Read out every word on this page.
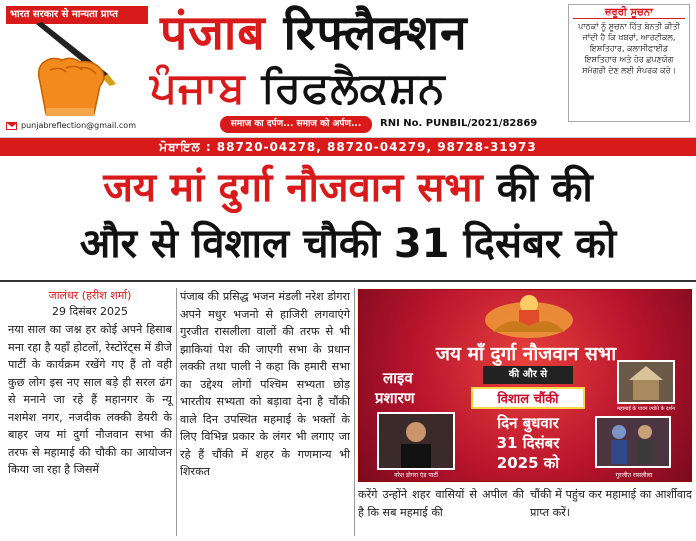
भारत सरकार से मान्यता प्राप्त
punjabreflection@gmail.com
पंजाब रिफ्लैक्शन
ਪੰਜਾਬ ਰਿਫਲੈਕਸ਼ਨ
समाज का दर्पण... समाज को अर्पण...	RNI No. PUNBIL/2021/82869
ਜ਼ਰੂਰੀ ਸੂਚਨਾ
ਪਾਠਕਾਂ ਨੂੰ ਸੂਚਨਾ ਹਿੱਤ ਬੇਨਤੀ ਕੀਤੀ ਜਾਂਦੀ ਹੈ ਕਿ ਖਬਰਾਂ, ਆਰਟੀਕਲ, ਇਸ਼ਤਿਹਾਰ, ਕਲਾਸੀਫਾਈਡ ਇਸ਼ਤਿਹਾਰ ਅਤੇ ਹੋਰ ਛਪਣਯੋਗ ਸਮੱਗਰੀ ਦੇਣ ਲਈ ਸੰਪਰਕ ਕਰੋ।
ਮੋਬਾਇਲ : 88720-04278, 88720-04279, 98728-31973
जय मां दुर्गा नौजवान सभा की की
और से विशाल चौकी 31 दिसंबर को
जालंधर (हरीश शर्मा)
29 दिसंबर 2025
नया साल का जश्न हर कोई अपने हिसाब मना रहा है यहाँ होटलों, रेस्टोरेंट्स में डीजे पार्टी के कार्यक्रम रखेंगे गए हैं तो वही कुछ लोग इस नए साल बड़े ही सरल ढंग से मनाने जा रहे हैं महानगर के न्यू नशमेश नगर, नजदीक लक्की डेयरी के बाहर जय मां दुर्गा नौजवान सभा की तरफ से महामाई की चौकी का आयोजन किया जा रहा है जिसमें
पंजाब की प्रसिद्ध भजन मंडली नरेश डोगरा अपने मधुर भजनो से हाजिरी लगवाएंगे गुरजीत रासलीला वालों की तरफ से भी झाकियां पेश की जाएगी सभा के प्रधान लक्की तथा पाली ने कहा कि हमारी सभा का उद्देश्य लोगों पश्चिम सभ्यता छोड़ भारतीय सभ्यता को बड़ावा देना है चौंकी वाले दिन उपस्थित महमाई के भक्तों के लिए विभिन्न प्रकार के लंगर भी लगाए जा रहे हैं चौंकी में शहर के गणमान्य भी शिरकत
जय माँ दुर्गा नौजवान सभा
लाइव
प्रशारण
की और से
विशाल चौंकी
नरेश डोगरा एंड पार्टी
महामाई के पावन ज्योते के दर्शन
गुरजीत रासलीला
दिन बुधवार
31 दिसंबर
2025 को
करेंगे उन्होंने शहर वासियों से अपील की है कि सब महमाई की
चौंकी में पहुंच कर महामाई का आर्शीवाद प्राप्त करें।
